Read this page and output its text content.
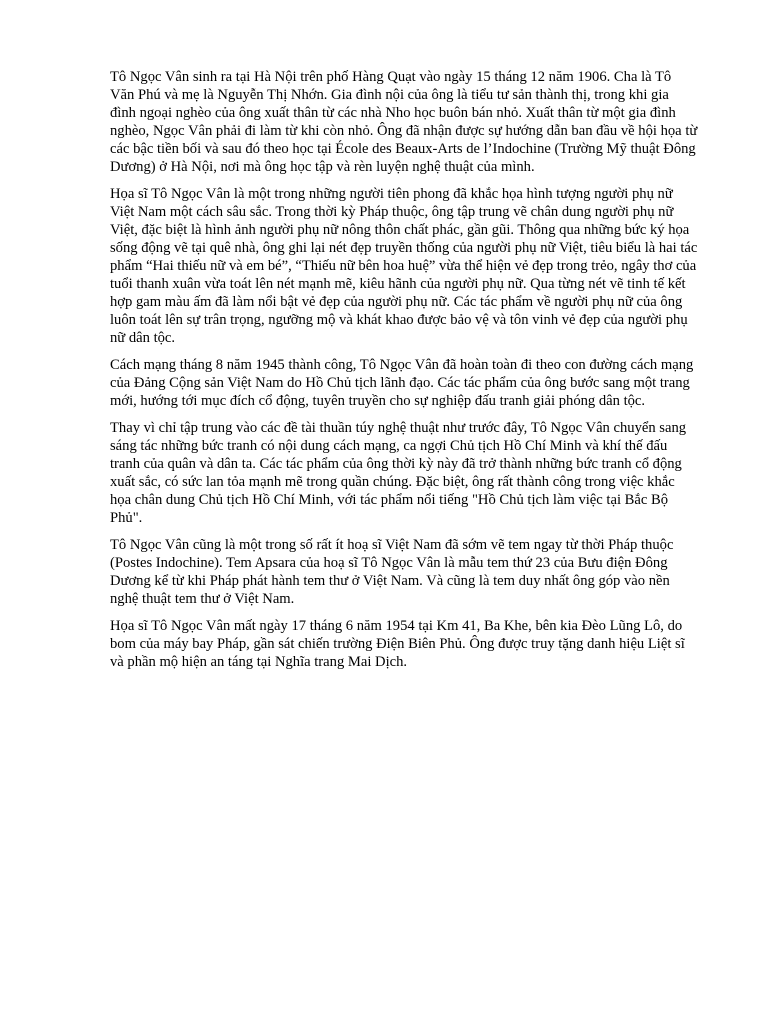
Tô Ngọc Vân sinh ra tại Hà Nội trên phố Hàng Quạt vào ngày 15 tháng 12 năm 1906. Cha là Tô Văn Phú và mẹ là Nguyễn Thị Nhớn. Gia đình nội của ông là tiểu tư sản thành thị, trong khi gia đình ngoại nghèo của ông xuất thân từ các nhà Nho học buôn bán nhỏ. Xuất thân từ một gia đình nghèo, Ngọc Vân phải đi làm từ khi còn nhỏ. Ông đã nhận được sự hướng dẫn ban đầu về hội họa từ các bậc tiền bối và sau đó theo học tại École des Beaux-Arts de l’Indochine (Trường Mỹ thuật Đông Dương) ở Hà Nội, nơi mà ông học tập và rèn luyện nghệ thuật của mình.

Họa sĩ Tô Ngọc Vân là một trong những người tiên phong đã khắc họa hình tượng người phụ nữ Việt Nam một cách sâu sắc. Trong thời kỳ Pháp thuộc, ông tập trung vẽ chân dung người phụ nữ Việt, đặc biệt là hình ảnh người phụ nữ nông thôn chất phác, gần gũi. Thông qua những bức ký họa sống động vẽ tại quê nhà, ông ghi lại nét đẹp truyền thống của người phụ nữ Việt, tiêu biểu là hai tác phẩm “Hai thiếu nữ và em bé”, “Thiếu nữ bên hoa huệ” vừa thể hiện vẻ đẹp trong trẻo, ngây thơ của tuổi thanh xuân vừa toát lên nét mạnh mẽ, kiêu hãnh của người phụ nữ. Qua từng nét vẽ tinh tế kết hợp gam màu ấm đã làm nổi bật vẻ đẹp của người phụ nữ. Các tác phẩm về người phụ nữ của ông luôn toát lên sự trân trọng, ngưỡng mộ và khát khao được bảo vệ và tôn vinh vẻ đẹp của người phụ nữ dân tộc.

Cách mạng tháng 8 năm 1945 thành công, Tô Ngọc Vân đã hoàn toàn đi theo con đường cách mạng của Đảng Cộng sản Việt Nam do Hồ Chủ tịch lãnh đạo. Các tác phẩm của ông bước sang một trang mới, hướng tới mục đích cổ động, tuyên truyền cho sự nghiệp đấu tranh giải phóng dân tộc.

Thay vì chỉ tập trung vào các đề tài thuần túy nghệ thuật như trước đây, Tô Ngọc Vân chuyển sang sáng tác những bức tranh có nội dung cách mạng, ca ngợi Chủ tịch Hồ Chí Minh và khí thế đấu tranh của quân và dân ta. Các tác phẩm của ông thời kỳ này đã trở thành những bức tranh cổ động xuất sắc, có sức lan tỏa mạnh mẽ trong quần chúng. Đặc biệt, ông rất thành công trong việc khắc họa chân dung Chủ tịch Hồ Chí Minh, với tác phẩm nổi tiếng "Hồ Chủ tịch làm việc tại Bắc Bộ Phủ".

Tô Ngọc Vân cũng là một trong số rất ít hoạ sĩ Việt Nam đã sớm vẽ tem ngay từ thời Pháp thuộc (Postes Indochine). Tem Apsara của hoạ sĩ Tô Ngọc Vân là mẫu tem thứ 23 của Bưu điện Đông Dương kể từ khi Pháp phát hành tem thư ở Việt Nam. Và cũng là tem duy nhất ông góp vào nền nghệ thuật tem thư ở Việt Nam.

Họa sĩ Tô Ngọc Vân mất ngày 17 tháng 6 năm 1954 tại Km 41, Ba Khe, bên kia Đèo Lũng Lô, do bom của máy bay Pháp, gần sát chiến trường Điện Biên Phủ. Ông được truy tặng danh hiệu Liệt sĩ và phần mộ hiện an táng tại Nghĩa trang Mai Dịch.
